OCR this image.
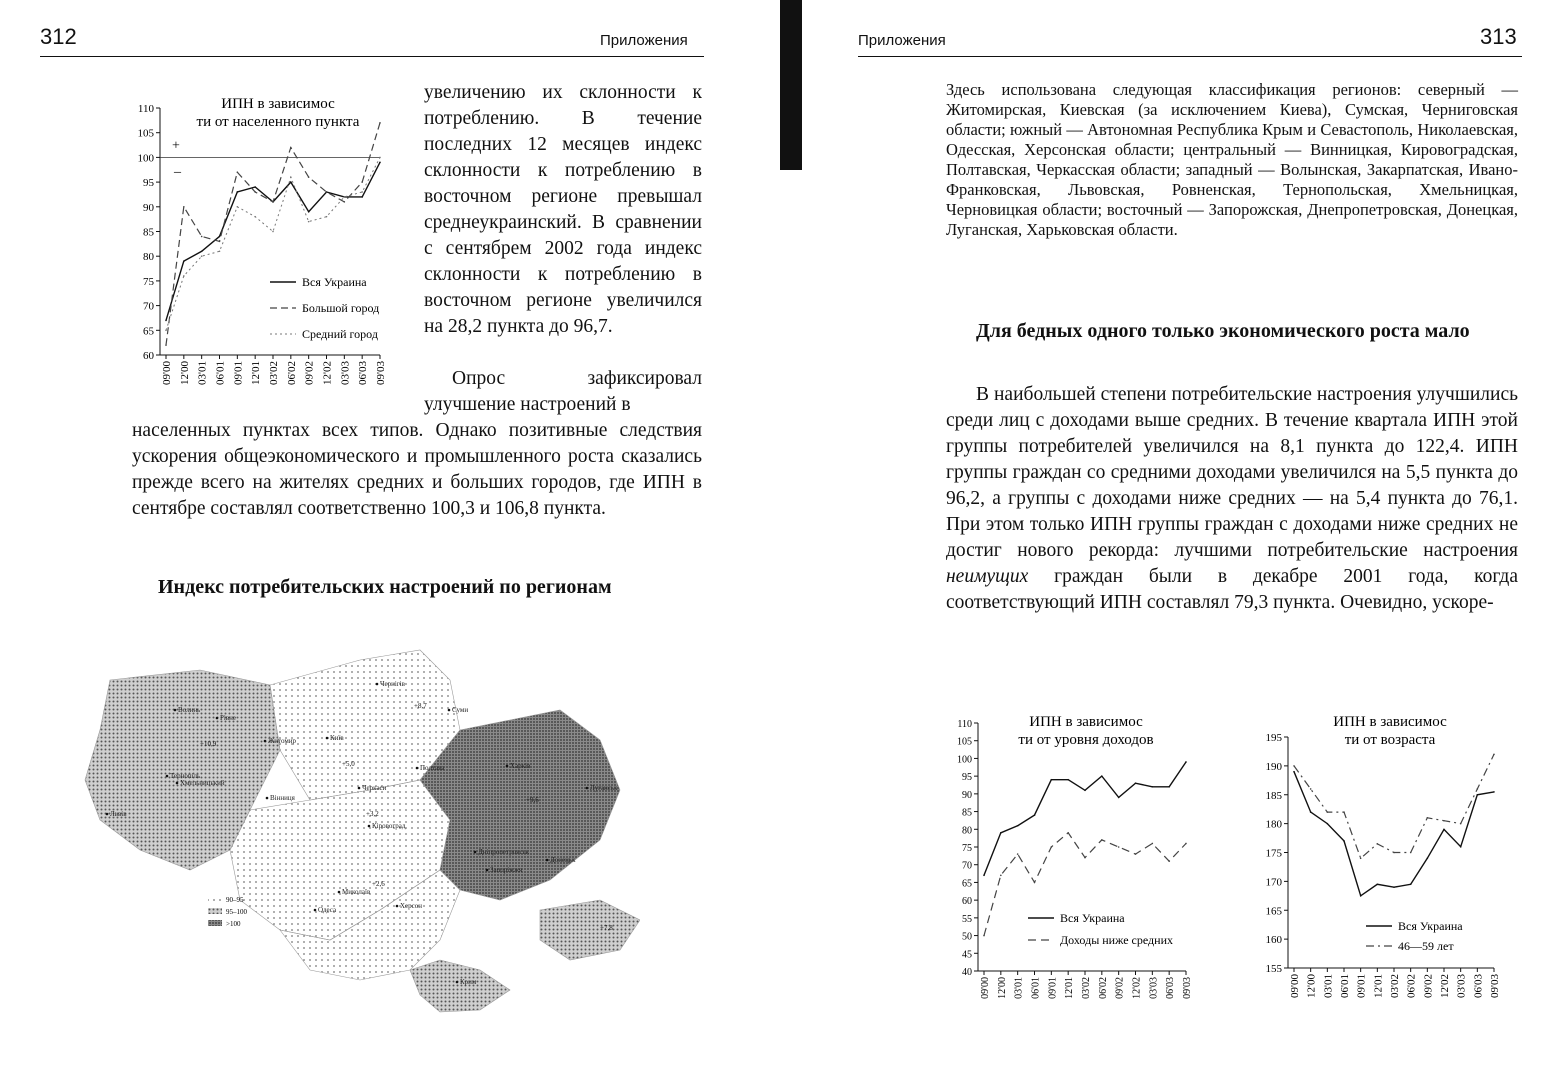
312	Приложения	Приложения	313
ИПН в зависимос
ти от населенного пункта
60
65
70
75
80
85
90
95
100
105
110
09'00 12'00 03'01 06'01 09'01 12'01 03'02 06'02 09'02 12'02 03'03 06'03 09'03
+
–
Вся Украина
Большой город
Средний город

увеличению их склонности к потреблению. В течение последних 12 месяцев индекс склонности к потреблению в восточном регионе превышал среднеукраинский. В сравнении с сентябрем 2002 года индекс склонности к потреблению в восточном регионе увеличился на 28,2 пункта до 96,7.

Опрос зафиксировал улучшение настроений в

населенных пунктах всех типов. Однако позитивные следствия ускорения общеэкономического и промышленного роста сказались прежде всего на жителях средних и больших городов, где ИПН в сентябре составлял соответственно 100,3 и 106,8 пункта.

Индекс потребительских настроений по регионам
Чернігів
Суми
Житомир	Київ
Волинь
Рівне
Львів
Тернопіль
Хмельницький
Вінниця
Черкаси
Полтава	Харків
Кіровоград
Дніпропетровськ
Запоріжжя
Одеса
Миколаїв
Херсон
Донецьк
Луганськ
Крим
+8,7
+5,0
+3,2
+9,6
+10,9
+2,6
+7,8
90–95
95–100
>100

Здесь использована следующая классификация регионов: северный — Житомирская, Киевская (за исключением Киева), Сумская, Черниговская области; южный — Автономная Республика Крым и Севастополь, Николаевская, Одесская, Херсонская области; центральный — Винницкая, Кировоградская, Полтавская, Черкасская области; западный — Волынская, Закарпатская, Ивано-Франковская, Львовская, Ровненская, Тернопольская, Хмельницкая, Черновицкая области; восточный — Запорожская, Днепропетровская, Донецкая, Луганская, Харьковская области.

Для бедных одного только экономического роста мало

В наибольшей степени потребительские настроения улучшились среди лиц с доходами выше средних. В течение квартала ИПН этой группы потребителей увеличился на 8,1 пункта до 122,4. ИПН группы граждан со средними доходами увеличился на 5,5 пункта до 96,2, а группы с доходами ниже средних — на 5,4 пункта до 76,1. При этом только ИПН группы граждан с доходами ниже средних не достиг нового рекорда: лучшими потребительские настроения неимущих граждан были в декабре 2001 года, когда соответствующий ИПН составлял 79,3 пункта. Очевидно, ускоре-

ИПН в зависимос
ти от уровня доходов
40
45
50
55
60
65
70
75
80
85
90
95
100
105
110
09'00 12'00 03'01 06'01 09'01 12'01 03'02 06'02 09'02 12'02 03'03 06'03 09'03
Вся Украина
Доходы ниже средних
ИПН в зависимос
ти от возраста
155
160
165
170
175
180
185
190
195
09'00 12'00 03'01 06'01 09'01 12'01 03'02 06'02 09'02 12'02 03'03 06'03 09'03
Вся Украина
46—59 лет
